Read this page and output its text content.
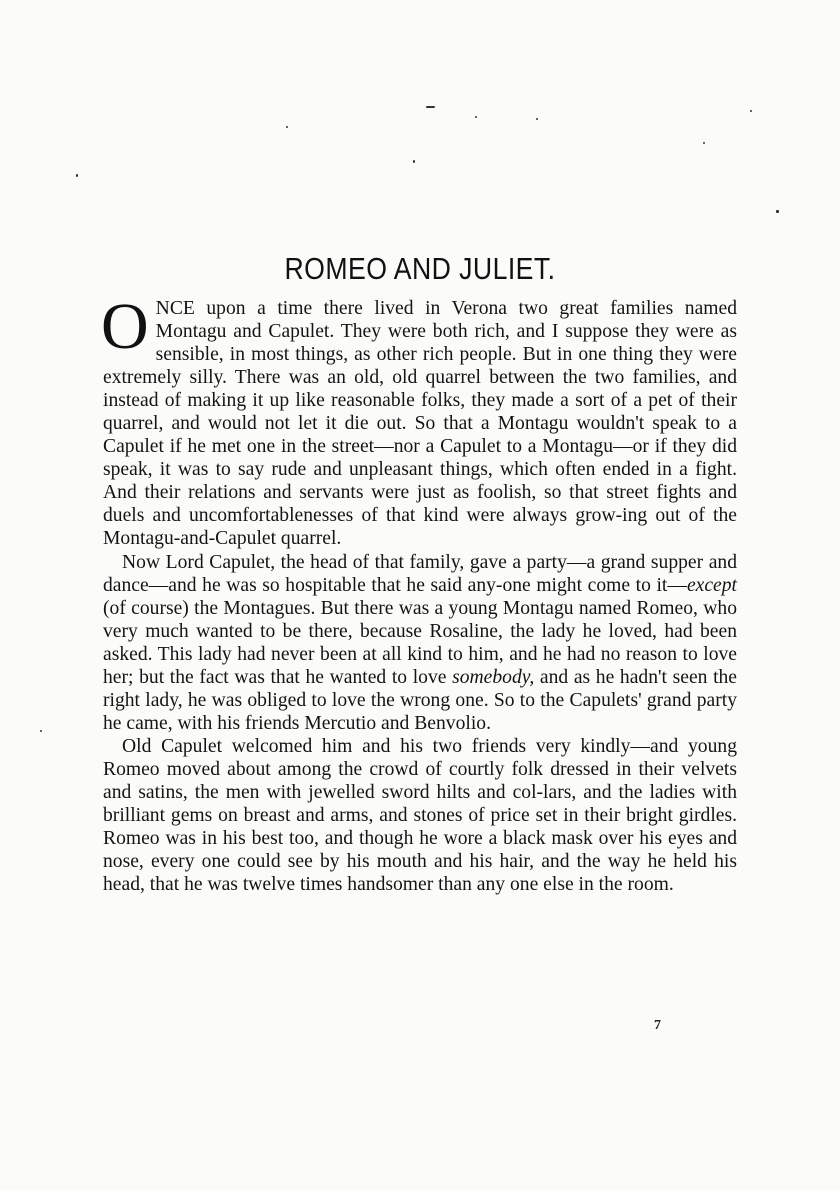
ROMEO AND JULIET.

ONCE upon a time there lived in Verona two great families named Montagu and Capulet. They were both rich, and I suppose they were as sensible, in most things, as other rich people. But in one thing they were extremely silly. There was an old, old quarrel between the two families, and instead of making it up like reasonable folks, they made a sort of a pet of their quarrel, and would not let it die out. So that a Montagu wouldn't speak to a Capulet if he met one in the street—nor a Capulet to a Montagu—or if they did speak, it was to say rude and unpleasant things, which often ended in a fight. And their relations and servants were just as foolish, so that street fights and duels and uncomfortablenesses of that kind were always grow-ing out of the Montagu-and-Capulet quarrel.

Now Lord Capulet, the head of that family, gave a party—a grand supper and dance—and he was so hospitable that he said any-one might come to it—except (of course) the Montagues. But there was a young Montagu named Romeo, who very much wanted to be there, because Rosaline, the lady he loved, had been asked. This lady had never been at all kind to him, and he had no reason to love her; but the fact was that he wanted to love somebody, and as he hadn't seen the right lady, he was obliged to love the wrong one. So to the Capulets' grand party he came, with his friends Mercutio and Benvolio.

Old Capulet welcomed him and his two friends very kindly—and young Romeo moved about among the crowd of courtly folk dressed in their velvets and satins, the men with jewelled sword hilts and col-lars, and the ladies with brilliant gems on breast and arms, and stones of price set in their bright girdles. Romeo was in his best too, and though he wore a black mask over his eyes and nose, every one could see by his mouth and his hair, and the way he held his head, that he was twelve times handsomer than any one else in the room.

7
